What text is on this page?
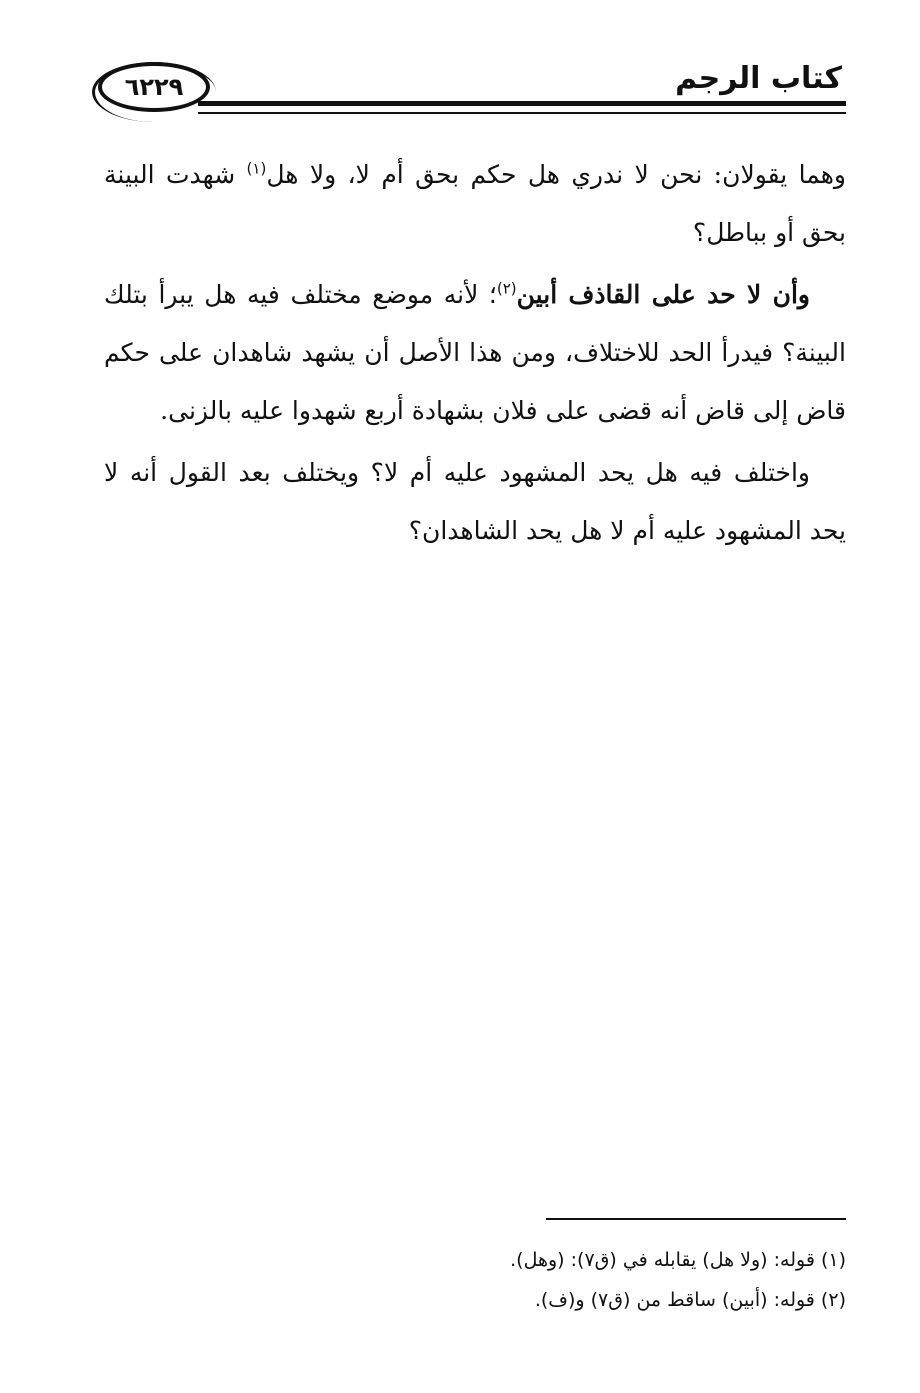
٦٢٢٩	كتاب الرجم

وهما يقولان: نحن لا ندري هل حكم بحق أم لا، ولا هل$^{(١)}$ شهدت البينة بحق أو بباطل؟

وأن لا حد على القاذف أبين$^{(٢)}$؛ لأنه موضع مختلف فيه هل يبرأ بتلك البينة؟ فيدرأ الحد للاختلاف، ومن هذا الأصل أن يشهد شاهدان على حكم قاض إلى قاض أنه قضى على فلان بشهادة أربع شهدوا عليه بالزنى.

واختلف فيه هل يحد المشهود عليه أم لا؟ ويختلف بعد القول أنه لا يحد المشهود عليه أم لا هل يحد الشاهدان؟

(١) قوله: (ولا هل) يقابله في (ق٧): (وهل).

(٢) قوله: (أبين) ساقط من (ق٧) و(ف).
